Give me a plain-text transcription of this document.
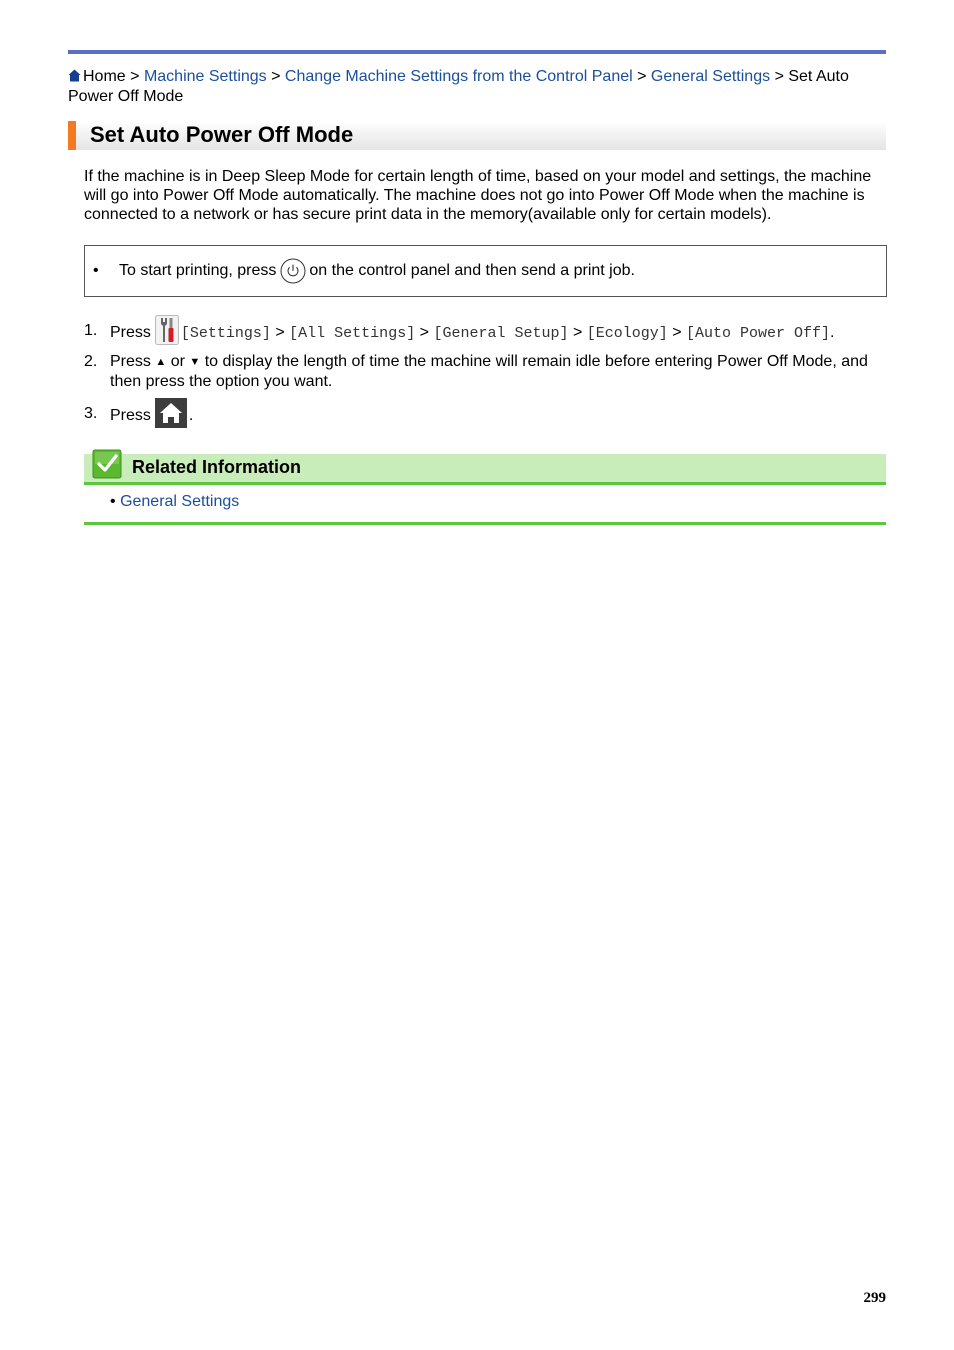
Home > Machine Settings > Change Machine Settings from the Control Panel > General Settings > Set Auto Power Off Mode
Set Auto Power Off Mode

If the machine is in Deep Sleep Mode for certain length of time, based on your model and settings, the machine will go into Power Off Mode automatically. The machine does not go into Power Off Mode when the machine is connected to a network or has secure print data in the memory(available only for certain models).

• To start printing, press on the control panel and then send a print job.
1. Press [Settings] > [All Settings] > [General Setup] > [Ecology] > [Auto Power Off].
2. Press ▲ or ▼ to display the length of time the machine will remain idle before entering Power Off Mode, and then press the option you want.
3. Press .
Related Information
• General Settings
299
